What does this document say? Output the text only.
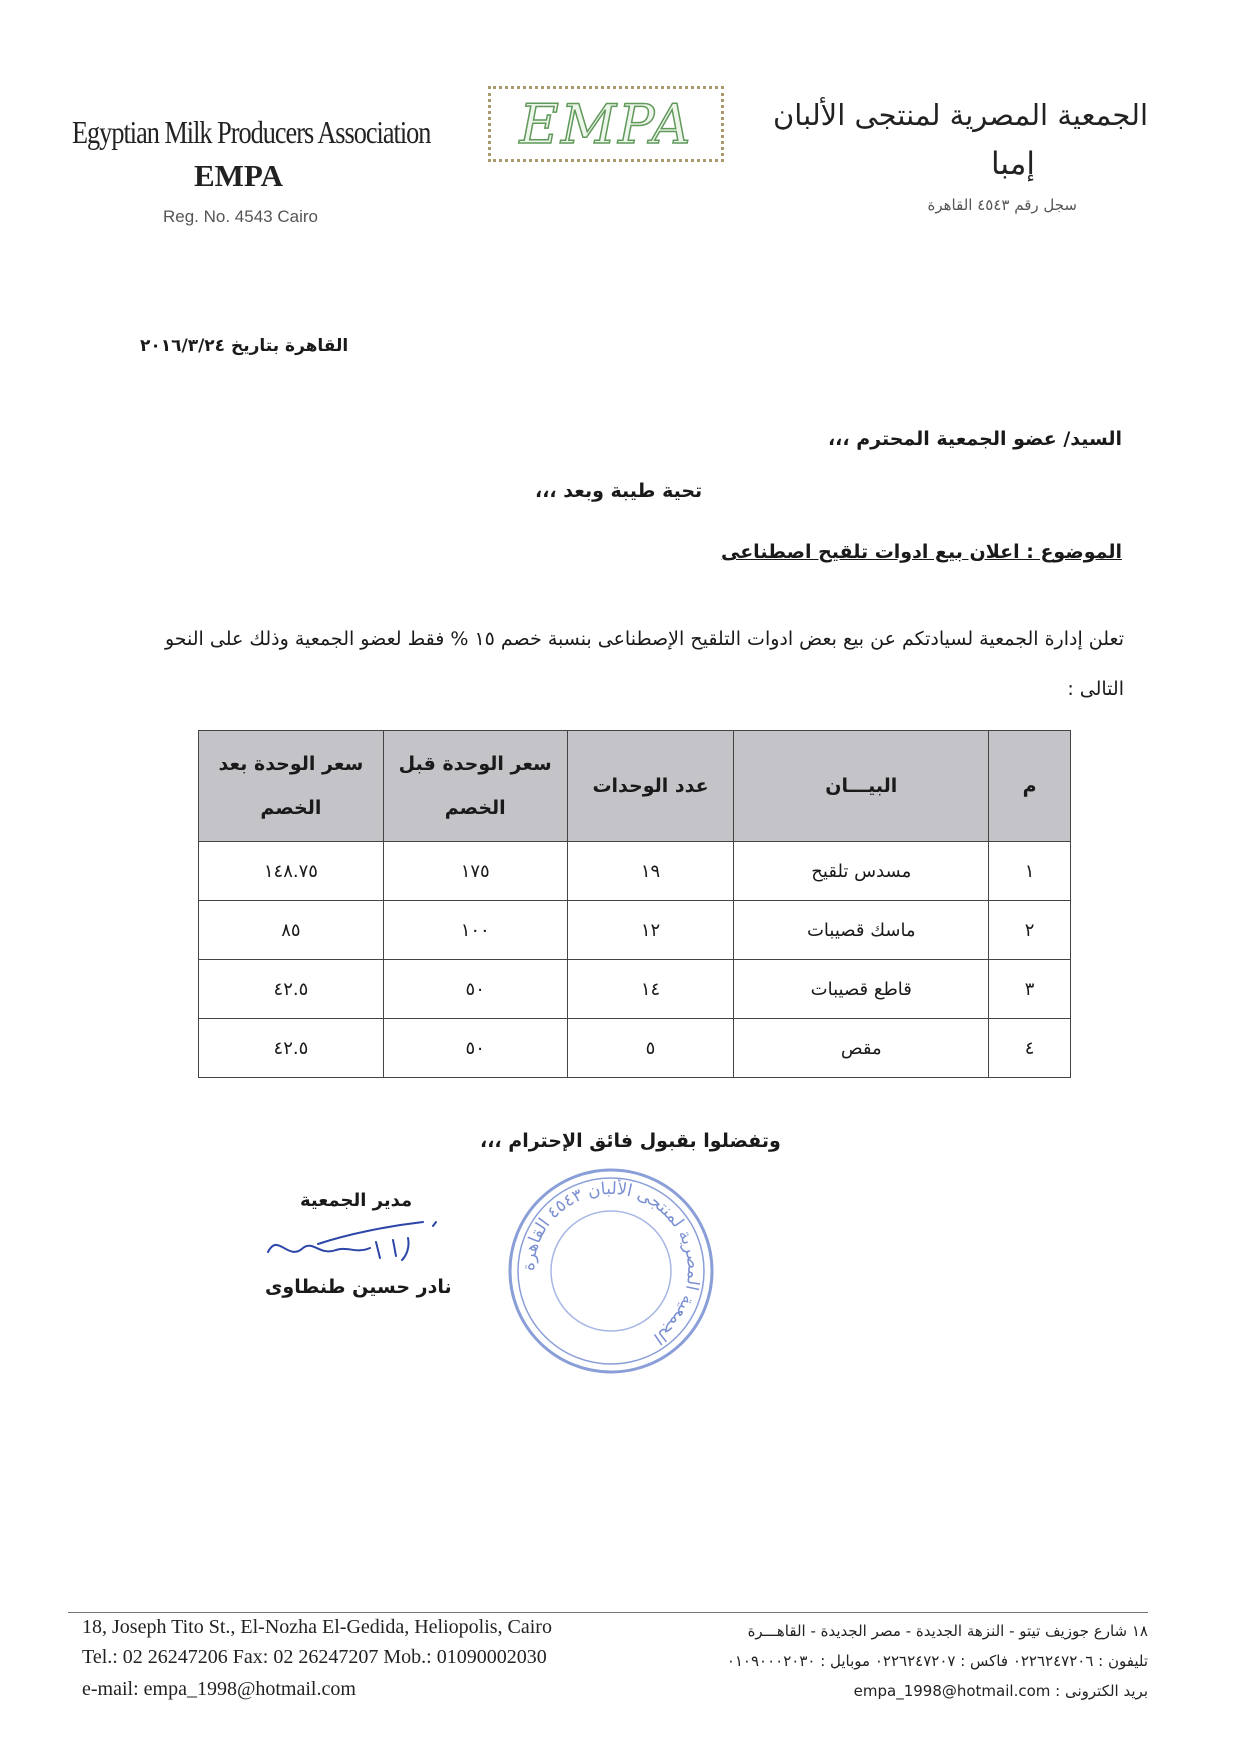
Egyptian Milk Producers Association
EMPA
Reg. No. 4543 Cairo
EMPA	الجمعية المصرية لمنتجى الألبان
إمبا
سجل رقم ٤٥٤٣ القاهرة
القاهرة بتاريخ ٢٠١٦/٣/٢٤
السيد/ عضو الجمعية المحترم ،،،
تحية طيبة وبعد ،،،
الموضوع : اعلان بيع ادوات تلقيح اصطناعى
تعلن إدارة الجمعية لسيادتكم عن بيع بعض ادوات التلقيح الإصطناعى بنسبة خصم ١٥ % فقط لعضو الجمعية وذلك على النحو التالى :
م	البيـــان	عدد الوحدات	سعر الوحدة قبل الخصم	سعر الوحدة بعد الخصم
١	مسدس تلقيح	١٩	١٧٥	١٤٨.٧٥
٢	ماسك قصيبات	١٢	١٠٠	٨٥
٣	قاطع قصيبات	١٤	٥٠	٤٢.٥
٤	مقص	٥	٥٠	٤٢.٥
وتفضلوا بقبول فائق الإحترام ،،،
مدير الجمعية
نادر حسين طنطاوى
الجمعية المصرية لمنتجى الألبان ٤٥٤٣ القاهرة
18, Joseph Tito St., El-Nozha El-Gedida, Heliopolis, Cairo
Tel.: 02 26247206 Fax: 02 26247207 Mob.: 01090002030
e-mail: empa_1998@hotmail.com
١٨ شارع جوزيف تيتو - النزهة الجديدة - مصر الجديدة - القاهـــرة
تليفون : ٠٢٢٦٢٤٧٢٠٦ فاكس : ٠٢٢٦٢٤٧٢٠٧ موبايل : ٠١٠٩٠٠٠٢٠٣٠
بريد الكترونى : empa_1998@hotmail.com
